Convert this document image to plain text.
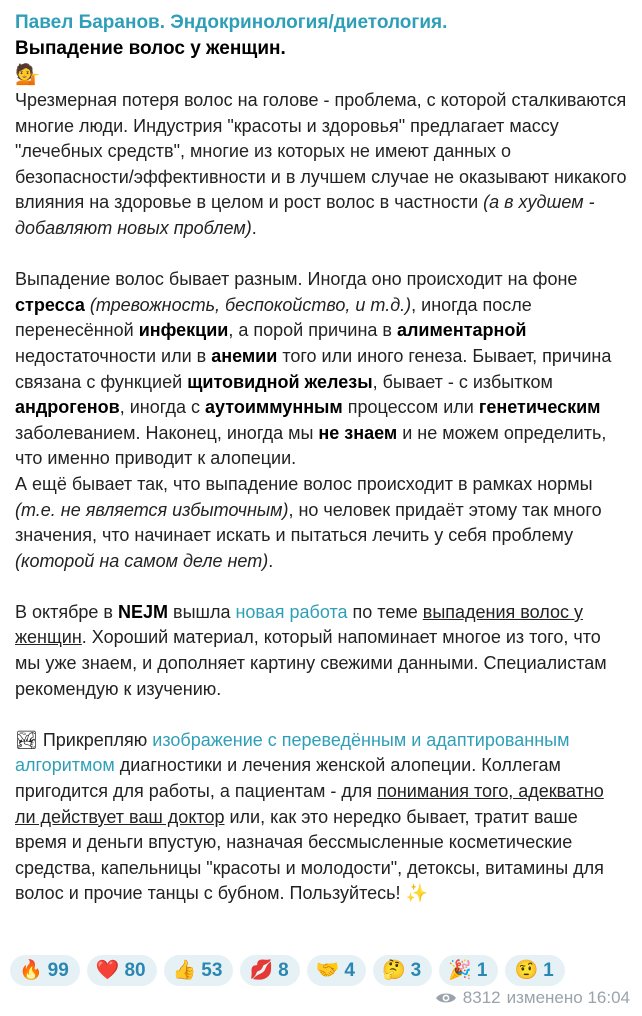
Павел Баранов. Эндокринология/диетология.
Выпадение волос у женщин.
💁

Чрезмерная потеря волос на голове - проблема, с которой сталкиваются многие люди. Индустрия "красоты и здоровья" предлагает массу "лечебных средств", многие из которых не имеют данных о безопасности/эффективности и в лучшем случае не оказывают никакого влияния на здоровье в целом и рост волос в частности (а в худшем - добавляют новых проблем).

Выпадение волос бывает разным. Иногда оно происходит на фоне стресса (тревожность, беспокойство, и т.д.), иногда после перенесённой инфекции, а порой причина в алиментарной недостаточности или в анемии того или иного генеза. Бывает, причина связана с функцией щитовидной железы, бывает - с избытком андрогенов, иногда с аутоиммунным процессом или генетическим заболеванием. Наконец, иногда мы не знаем и не можем определить, что именно приводит к алопеции.

А ещё бывает так, что выпадение волос происходит в рамках нормы (т.е. не является избыточным), но человек придаёт этому так много значения, что начинает искать и пытаться лечить у себя проблему (которой на самом деле нет).

В октябре в NEJM вышла новая работа по теме выпадения волос у женщин. Хороший материал, который напоминает многое из того, что мы уже знаем, и дополняет картину свежими данными. Специалистам рекомендую к изучению.

🏞 Прикрепляю изображение с переведённым и адаптированным алгоритмом диагностики и лечения женской алопеции. Коллегам пригодится для работы, а пациентам - для понимания того, адекватно ли действует ваш доктор или, как это нередко бывает, тратит ваше время и деньги впустую, назначая бессмысленные косметические средства, капельницы "красоты и молодости", детоксы, витамины для волос и прочие танцы с бубном. Пользуйтесь! ✨

🔥 99 ❤️ 80 👍 53 💋 8 🤝 4 🤔 3 🎉 1 🤨 1
8312 изменено 16:04
